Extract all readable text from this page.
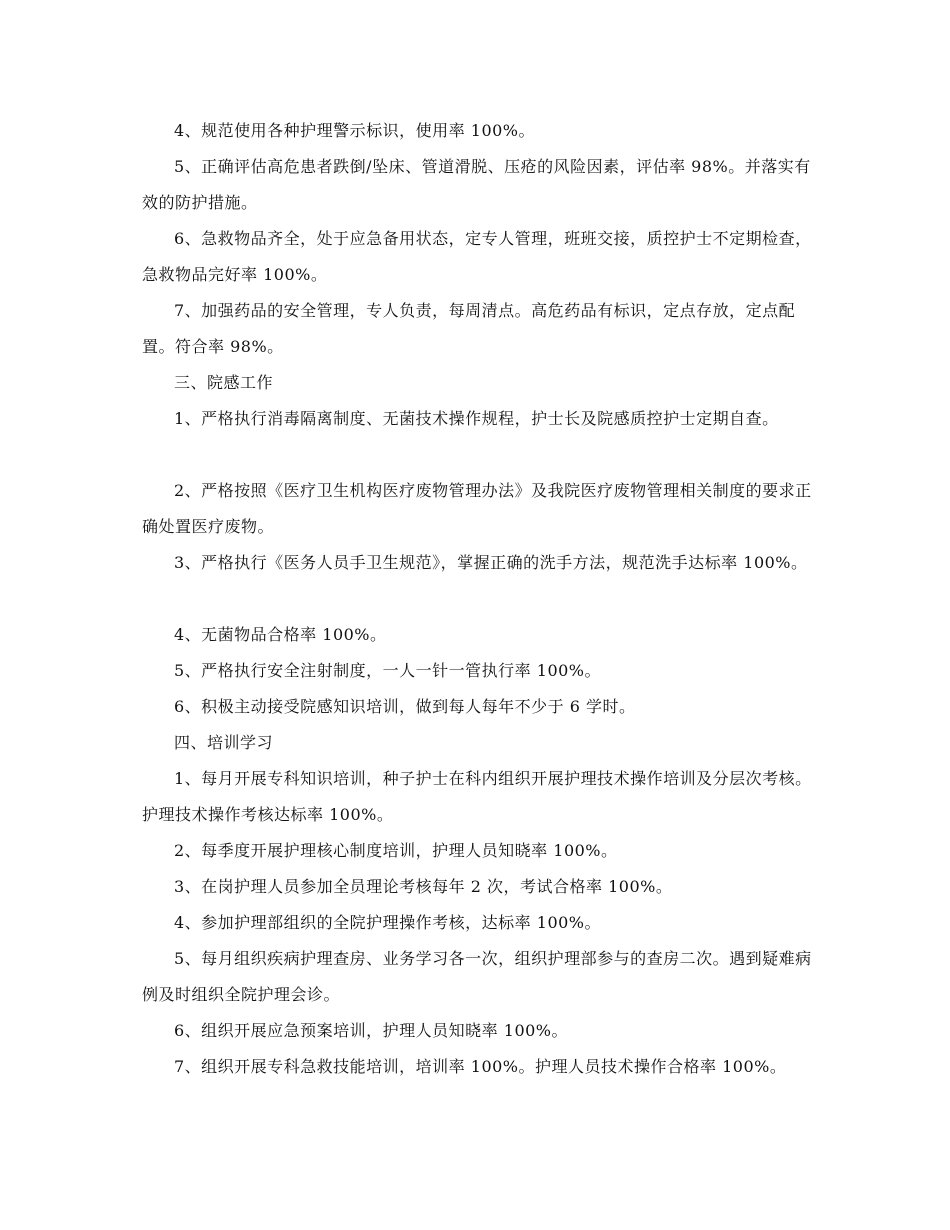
4、规范使用各种护理警示标识，使用率 100%。

5、正确评估高危患者跌倒/坠床、管道滑脱、压疮的风险因素，评估率 98%。并落实有效的防护措施。

6、急救物品齐全，处于应急备用状态，定专人管理，班班交接，质控护士不定期检查，急救物品完好率 100%。

7、加强药品的安全管理，专人负责，每周清点。高危药品有标识，定点存放，定点配置。符合率 98%。

三、院感工作

1、严格执行消毒隔离制度、无菌技术操作规程，护士长及院感质控护士定期自查。

2、严格按照《医疗卫生机构医疗废物管理办法》及我院医疗废物管理相关制度的要求正确处置医疗废物。

3、严格执行《医务人员手卫生规范》，掌握正确的洗手方法，规范洗手达标率 100%。

4、无菌物品合格率 100%。

5、严格执行安全注射制度，一人一针一管执行率 100%。

6、积极主动接受院感知识培训，做到每人每年不少于 6 学时。

四、培训学习

1、每月开展专科知识培训，种子护士在科内组织开展护理技术操作培训及分层次考核。护理技术操作考核达标率 100%。

2、每季度开展护理核心制度培训，护理人员知晓率 100%。

3、在岗护理人员参加全员理论考核每年 2 次，考试合格率 100%。

4、参加护理部组织的全院护理操作考核，达标率 100%。

5、每月组织疾病护理查房、业务学习各一次，组织护理部参与的查房二次。遇到疑难病例及时组织全院护理会诊。

6、组织开展应急预案培训，护理人员知晓率 100%。

7、组织开展专科急救技能培训，培训率 100%。护理人员技术操作合格率 100%。
